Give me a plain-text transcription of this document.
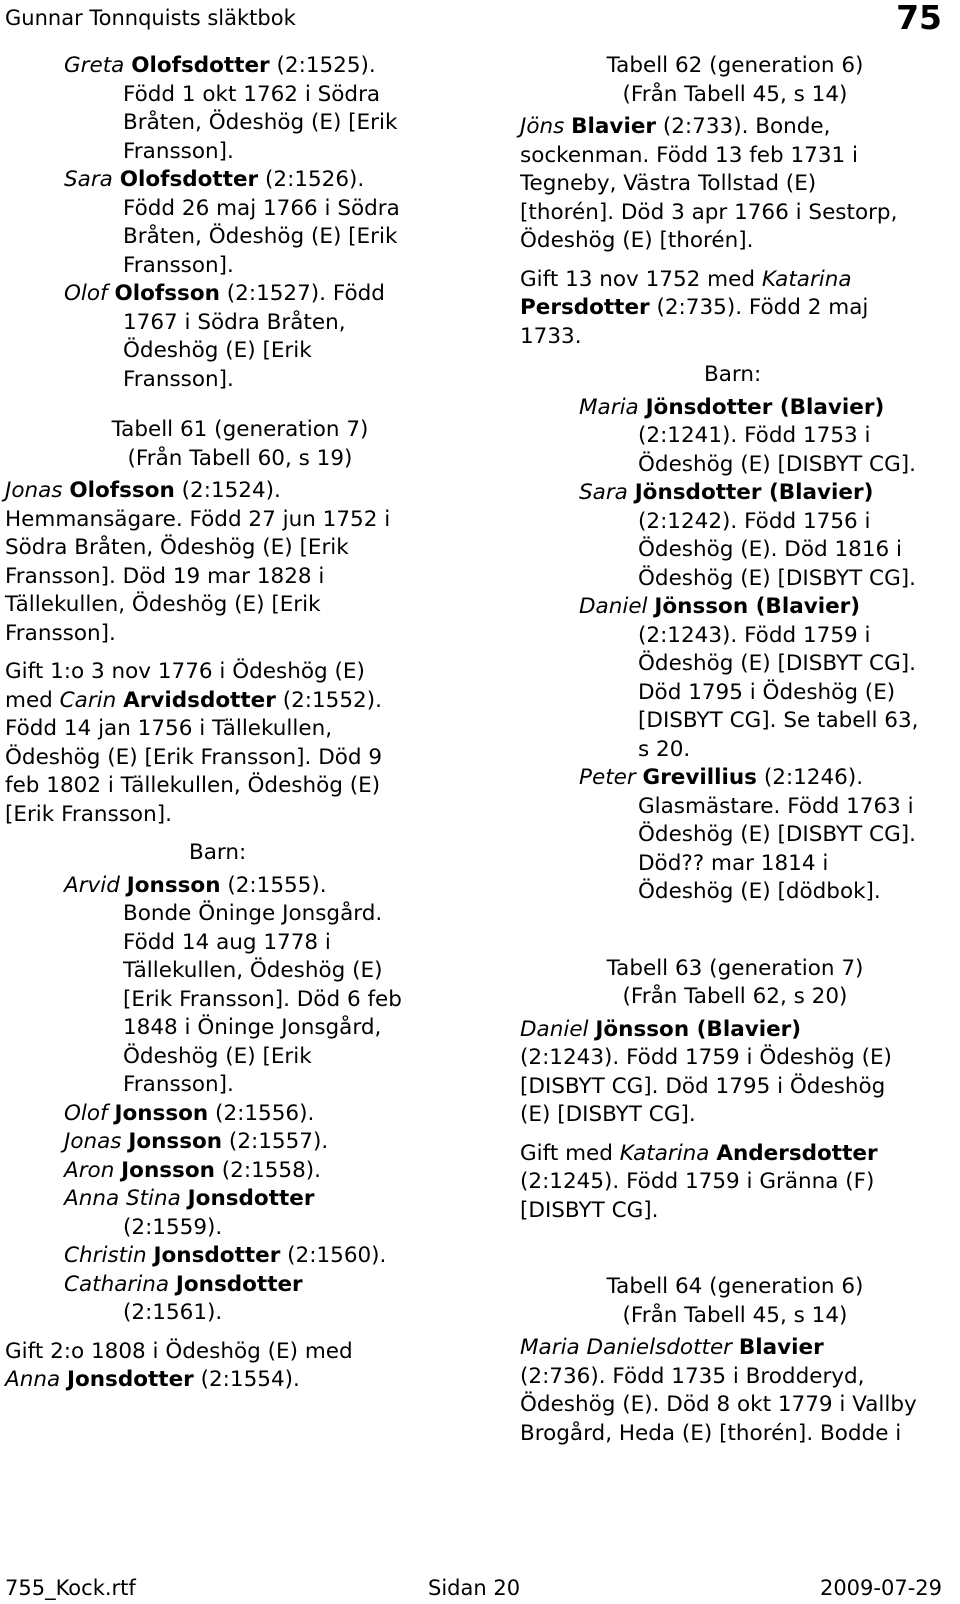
Gunnar Tonnquists släktbok	75
Greta Olofsdotter (2:1525).
Född 1 okt 1762 i Södra
Bråten, Ödeshög (E) [Erik
Fransson].
Sara Olofsdotter (2:1526).
Född 26 maj 1766 i Södra
Bråten, Ödeshög (E) [Erik
Fransson].
Olof Olofsson (2:1527). Född
1767 i Södra Bråten,
Ödeshög (E) [Erik
Fransson].
Tabell 61 (generation 7)
(Från Tabell 60, s 19)
Jonas Olofsson (2:1524).
Hemmansägare. Född 27 jun 1752 i
Södra Bråten, Ödeshög (E) [Erik
Fransson]. Död 19 mar 1828 i
Tällekullen, Ödeshög (E) [Erik
Fransson].
Gift 1:o 3 nov 1776 i Ödeshög (E)
med Carin Arvidsdotter (2:1552).
Född 14 jan 1756 i Tällekullen,
Ödeshög (E) [Erik Fransson]. Död 9
feb 1802 i Tällekullen, Ödeshög (E)
[Erik Fransson].
Barn:
Arvid Jonsson (2:1555).
Bonde Öninge Jonsgård.
Född 14 aug 1778 i
Tällekullen, Ödeshög (E)
[Erik Fransson]. Död 6 feb
1848 i Öninge Jonsgård,
Ödeshög (E) [Erik
Fransson].
Olof Jonsson (2:1556).
Jonas Jonsson (2:1557).
Aron Jonsson (2:1558).
Anna Stina Jonsdotter
(2:1559).
Christin Jonsdotter (2:1560).
Catharina Jonsdotter
(2:1561).
Gift 2:o 1808 i Ödeshög (E) med
Anna Jonsdotter (2:1554).
Tabell 62 (generation 6)
(Från Tabell 45, s 14)
Jöns Blavier (2:733). Bonde,
sockenman. Född 13 feb 1731 i
Tegneby, Västra Tollstad (E)
[thorén]. Död 3 apr 1766 i Sestorp,
Ödeshög (E) [thorén].
Gift 13 nov 1752 med Katarina
Persdotter (2:735). Född 2 maj
1733.
Barn:
Maria Jönsdotter (Blavier)
(2:1241). Född 1753 i
Ödeshög (E) [DISBYT CG].
Sara Jönsdotter (Blavier)
(2:1242). Född 1756 i
Ödeshög (E). Död 1816 i
Ödeshög (E) [DISBYT CG].
Daniel Jönsson (Blavier)
(2:1243). Född 1759 i
Ödeshög (E) [DISBYT CG].
Död 1795 i Ödeshög (E)
[DISBYT CG]. Se tabell 63,
s 20.
Peter Grevillius (2:1246).
Glasmästare. Född 1763 i
Ödeshög (E) [DISBYT CG].
Död?? mar 1814 i
Ödeshög (E) [dödbok].
Tabell 63 (generation 7)
(Från Tabell 62, s 20)
Daniel Jönsson (Blavier)
(2:1243). Född 1759 i Ödeshög (E)
[DISBYT CG]. Död 1795 i Ödeshög
(E) [DISBYT CG].
Gift med Katarina Andersdotter
(2:1245). Född 1759 i Gränna (F)
[DISBYT CG].
Tabell 64 (generation 6)
(Från Tabell 45, s 14)
Maria Danielsdotter Blavier
(2:736). Född 1735 i Brodderyd,
Ödeshög (E). Död 8 okt 1779 i Vallby
Brogård, Heda (E) [thorén]. Bodde i
755_Kock.rtf	Sidan 20	2009-07-29
